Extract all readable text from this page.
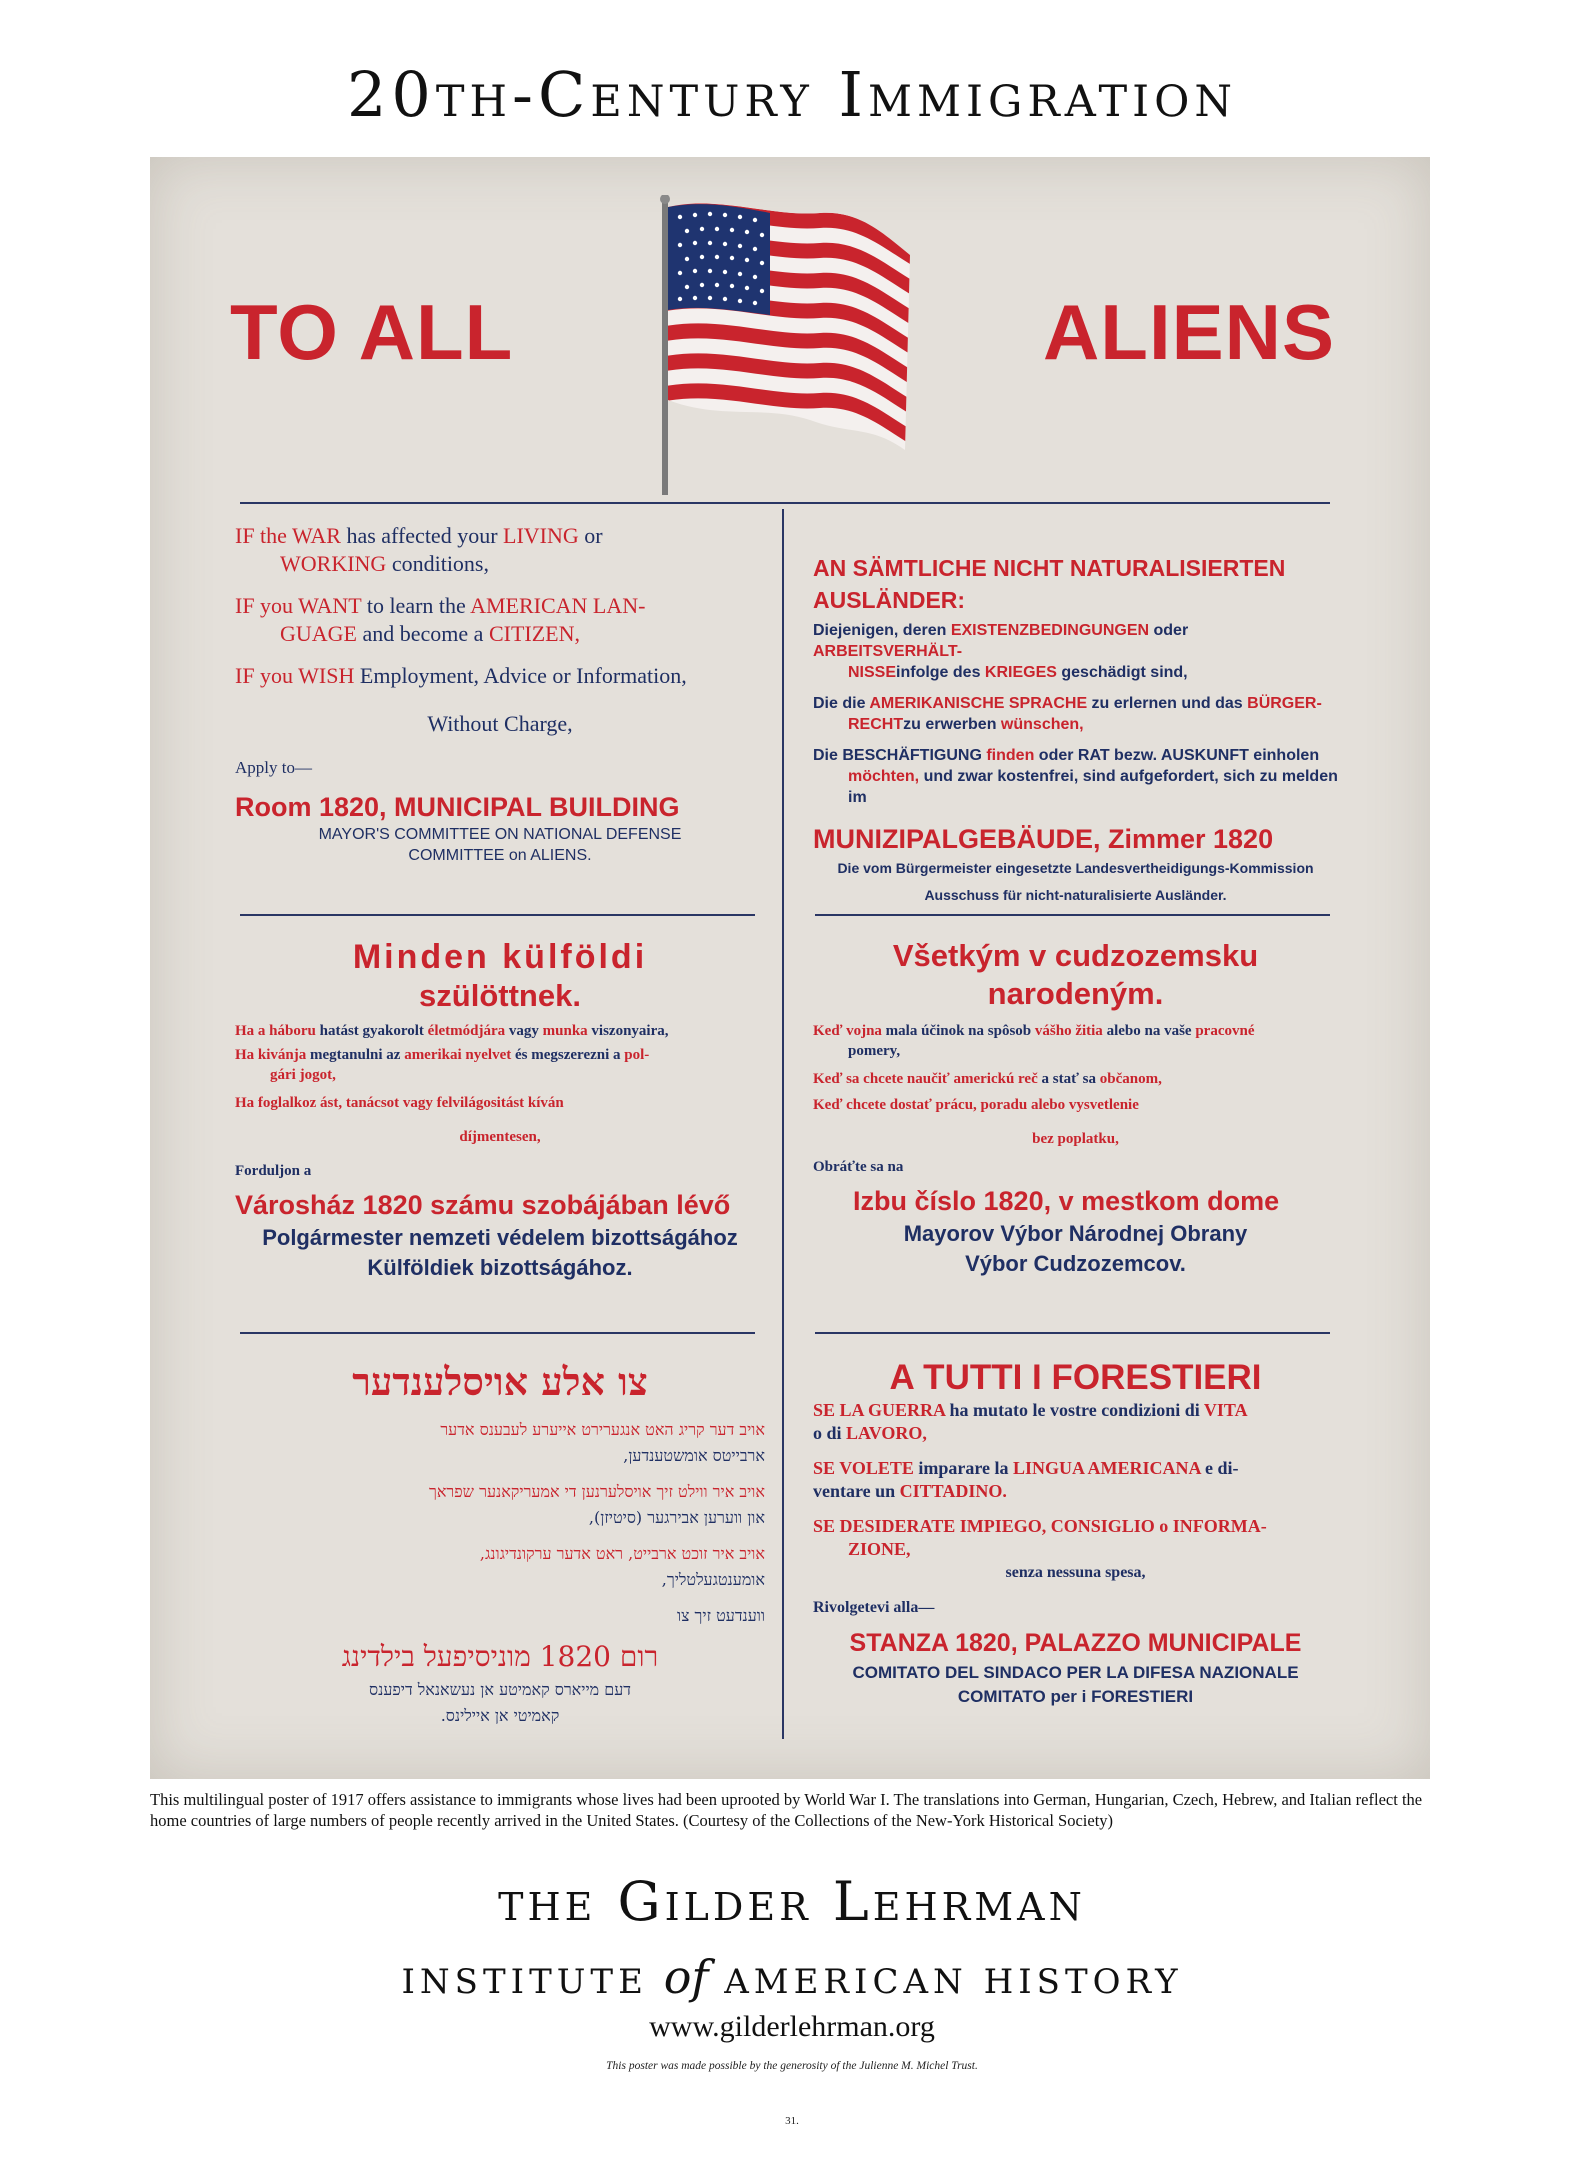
20th-Century Immigration
TO ALL	ALIENS

IF the WAR has affected your LIVING or

WORKING conditions,

IF you WANT to learn the AMERICAN LAN-

GUAGE and become a CITIZEN,

IF you WISH Employment, Advice or Information,

Without Charge,

Apply to—

Room 1820, MUNICIPAL BUILDING

MAYOR'S COMMITTEE ON NATIONAL DEFENSE

COMMITTEE on ALIENS.

AN SÄMTLICHE NICHT NATURALISIERTEN AUSLÄNDER:

Diejenigen, deren EXISTENZBEDINGUNGEN oder ARBEITSVERHÄLT-

NISSEinfolge des KRIEGES geschädigt sind,

Die die AMERIKANISCHE SPRACHE zu erlernen und das BÜRGER-

RECHTzu erwerben wünschen,

Die BESCHÄFTIGUNG finden oder RAT bezw. AUSKUNFT einholen

möchten, und zwar kostenfrei, sind aufgefordert, sich zu melden im

MUNIZIPALGEBÄUDE, Zimmer 1820

Die vom Bürgermeister eingesetzte Landesvertheidigungs-Kommission

Ausschuss für nicht-naturalisierte Ausländer.

Minden külföldi

szülöttnek.

Ha a háboru hatást gyakorolt életmódjára vagy munka viszonyaira,

Ha kivánja megtanulni az amerikai nyelvet és megszerezni a pol-

gári jogot,

Ha foglalkoz ást, tanácsot vagy felvilágositást kíván

díjmentesen,

Forduljon a

Városház 1820 számu szobájában lévő

Polgármester nemzeti védelem bizottságához

Külföldiek bizottságához.

Všetkým v cudzozemsku

narodeným.

Keď vojna mala účinok na spôsob vášho žitia alebo na vaše pracovné

pomery,

Keď sa chcete naučiť americkú reč a stať sa občanom,

Keď chcete dostať prácu, poradu alebo vysvetlenie

bez poplatku,

Obráťte sa na

Izbu číslo 1820, v mestkom dome

Mayorov Výbor Národnej Obrany

Výbor Cudzozemcov.

צו אלע אויסלענדער

אויב דער קריג האט אנגערירט אייערע לעבענס אדער

ארבייטס אומשטענדען,

אויב איר ווילט זיך אויסלערנען די אמעריקאנער שפראך

און ווערען אבירגער (סיטיזן),

אויב איר זוכט ארבייט, ראט אדער ערקונדיגונג,

אומענטגעלטליך,

ווענדעט זיך צו

רום 1820 מוניסיפעל בילדינג

דעם מייארס קאמיטע אן נעשאנאל דיפענס

קאמיטי אן איילינס.

A TUTTI I FORESTIERI

SE LA GUERRA ha mutato le vostre condizioni di VITA

o di LAVORO,

SE VOLETE imparare la LINGUA AMERICANA e di-

ventare un CITTADINO.

SE DESIDERATE IMPIEGO, CONSIGLIO o INFORMA-

ZIONE,

senza nessuna spesa,

Rivolgetevi alla—

STANZA 1820, PALAZZO MUNICIPALE

COMITATO DEL SINDACO PER LA DIFESA NAZIONALE

COMITATO per i FORESTIERI

This multilingual poster of 1917 offers assistance to immigrants whose lives had been uprooted by World War I. The translations into German, Hungarian, Czech, Hebrew, and Italian reflect the home countries of large numbers of people recently arrived in the United States. (Courtesy of the Collections of the New-York Historical Society)
the Gilder Lehrman
INSTITUTE of AMERICAN HISTORY
www.gilderlehrman.org
This poster was made possible by the generosity of the Julienne M. Michel Trust.
31.
